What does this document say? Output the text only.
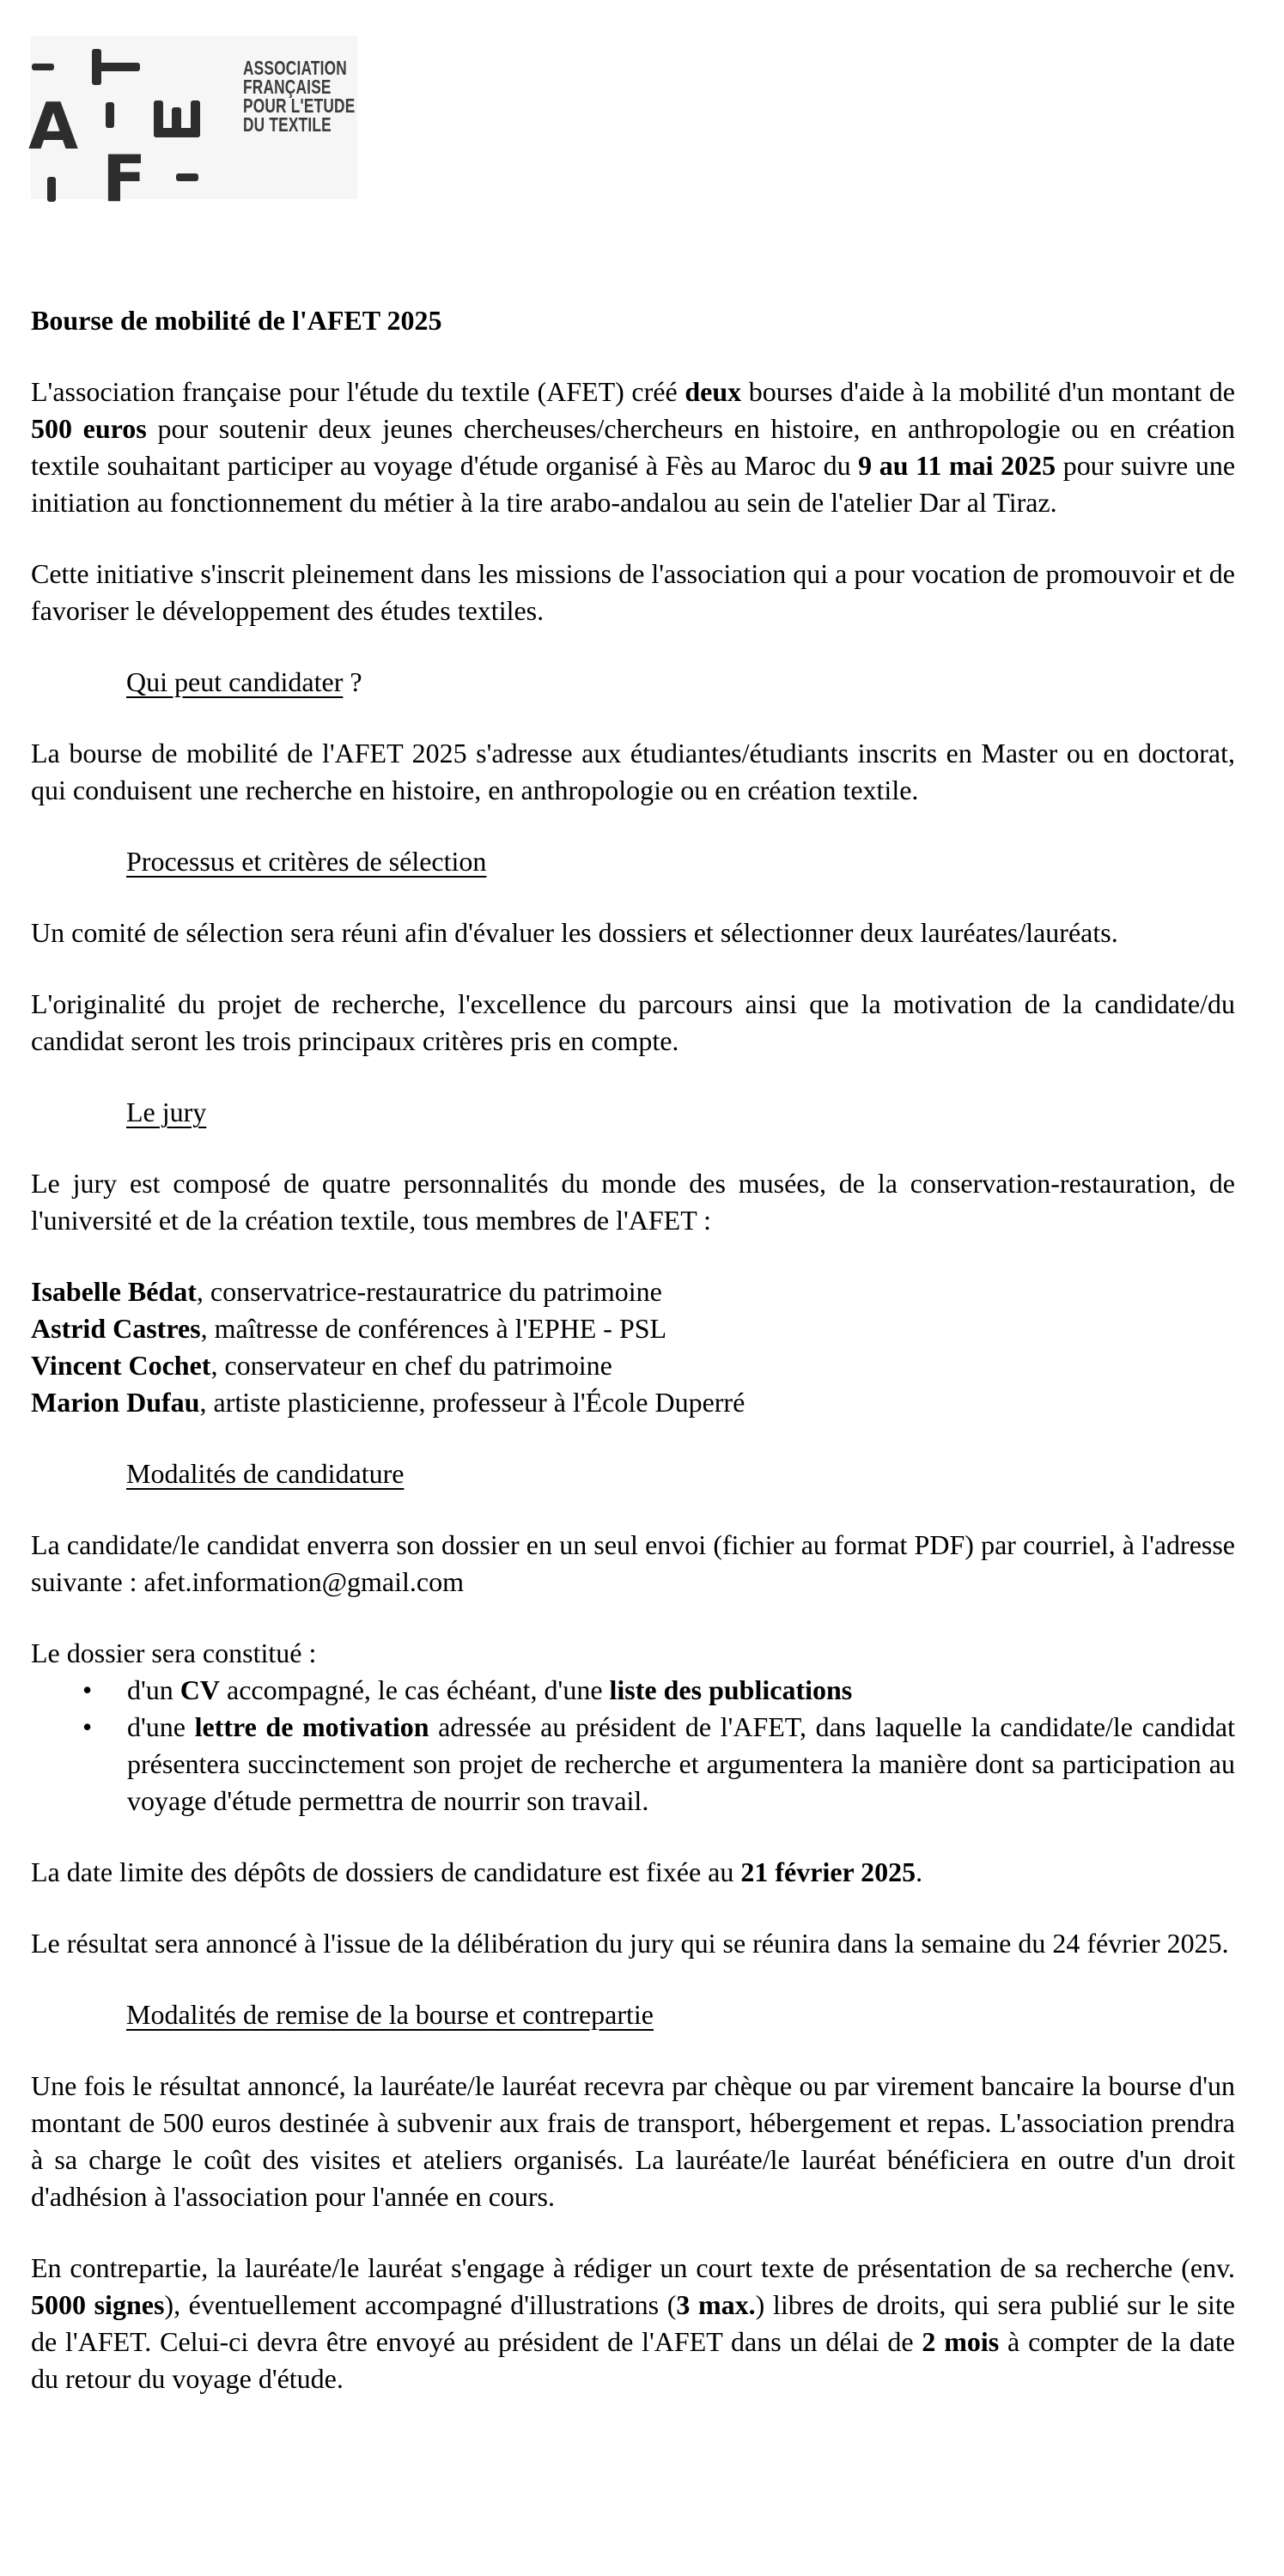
A
F
ASSOCIATION
FRANÇAISE
POUR L'ETUDE
DU TEXTILE

Bourse de mobilité de l'AFET 2025

L'association française pour l'étude du textile (AFET) créé deux bourses d'aide à la mobilité d'un montant de 500 euros pour soutenir deux jeunes chercheuses/chercheurs en histoire, en anthropologie ou en création textile souhaitant participer au voyage d'étude organisé à Fès au Maroc du 9 au 11 mai 2025 pour suivre une initiation au fonctionnement du métier à la tire arabo-andalou au sein de l'atelier Dar al Tiraz.

Cette initiative s'inscrit pleinement dans les missions de l'association qui a pour vocation de promouvoir et de favoriser le développement des études textiles.

Qui peut candidater ?

La bourse de mobilité de l'AFET 2025 s'adresse aux étudiantes/étudiants inscrits en Master ou en doctorat, qui conduisent une recherche en histoire, en anthropologie ou en création textile.

Processus et critères de sélection

Un comité de sélection sera réuni afin d'évaluer les dossiers et sélectionner deux lauréates/lauréats.

L'originalité du projet de recherche, l'excellence du parcours ainsi que la motivation de la candidate/du candidat seront les trois principaux critères pris en compte.

Le jury

Le jury est composé de quatre personnalités du monde des musées, de la conservation-restauration, de l'université et de la création textile, tous membres de l'AFET :

Isabelle Bédat, conservatrice-restauratrice du patrimoine

Astrid Castres, maîtresse de conférences à l'EPHE - PSL

Vincent Cochet, conservateur en chef du patrimoine

Marion Dufau, artiste plasticienne, professeur à l'École Duperré

Modalités de candidature

La candidate/le candidat enverra son dossier en un seul envoi (fichier au format PDF) par courriel, à l'adresse suivante : afet.information@gmail.com

Le dossier sera constitué :

• d'un CV accompagné, le cas échéant, d'une liste des publications
• d'une lettre de motivation adressée au président de l'AFET, dans laquelle la candidate/le candidat présentera succinctement son projet de recherche et argumentera la manière dont sa participation au voyage d'étude permettra de nourrir son travail.

La date limite des dépôts de dossiers de candidature est fixée au 21 février 2025.

Le résultat sera annoncé à l'issue de la délibération du jury qui se réunira dans la semaine du 24 février 2025.

Modalités de remise de la bourse et contrepartie

Une fois le résultat annoncé, la lauréate/le lauréat recevra par chèque ou par virement bancaire la bourse d'un montant de 500 euros destinée à subvenir aux frais de transport, hébergement et repas. L'association prendra à sa charge le coût des visites et ateliers organisés. La lauréate/le lauréat bénéficiera en outre d'un droit d'adhésion à l'association pour l'année en cours.

En contrepartie, la lauréate/le lauréat s'engage à rédiger un court texte de présentation de sa recherche (env. 5000 signes), éventuellement accompagné d'illustrations (3 max.) libres de droits, qui sera publié sur le site de l'AFET. Celui-ci devra être envoyé au président de l'AFET dans un délai de 2 mois à compter de la date du retour du voyage d'étude.
